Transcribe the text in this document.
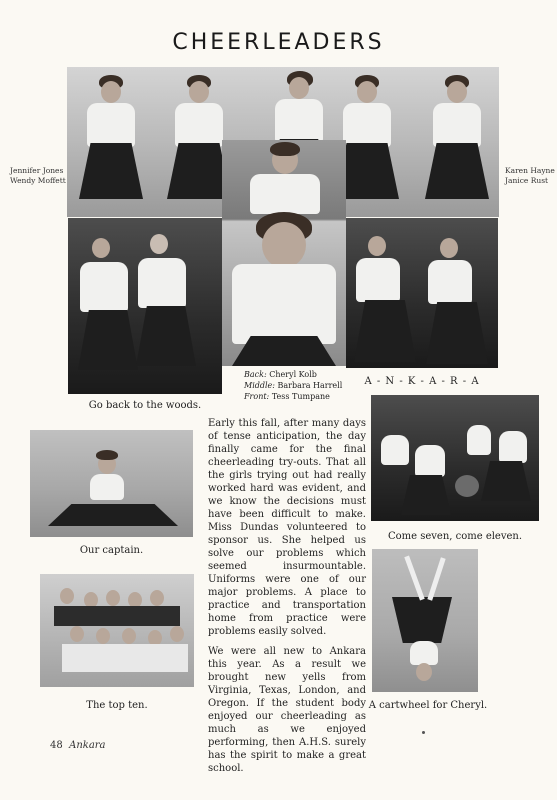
CHEERLEADERS
Jennifer Jones
Wendy Moffett
Karen Hayne
Janice Rust
Back: Cheryl Kolb
Middle: Barbara Harrell
Front: Tess Tumpane
Go back to the woods.
A - N - K - A - R - A
Our captain.
The top ten.

Early this fall, after many days of tense anticipation, the day finally came for the final cheerleading try-outs. That all the girls trying out had really worked hard was evident, and we know the decisions must have been difficult to make. Miss Dundas volunteered to sponsor us. She helped us solve our problems which seemed insurmountable. Uniforms were one of our major problems. A place to practice and transportation home from practice were problems easily solved.

We were all new to Ankara this year. As a result we brought new yells from Virginia, Texas, London, and Oregon. If the student body enjoyed our cheerleading as much as we enjoyed performing, then A.H.S. surely has the spirit to make a great school.

Come seven, come eleven.
A cartwheel for Cheryl.
48 Ankara
